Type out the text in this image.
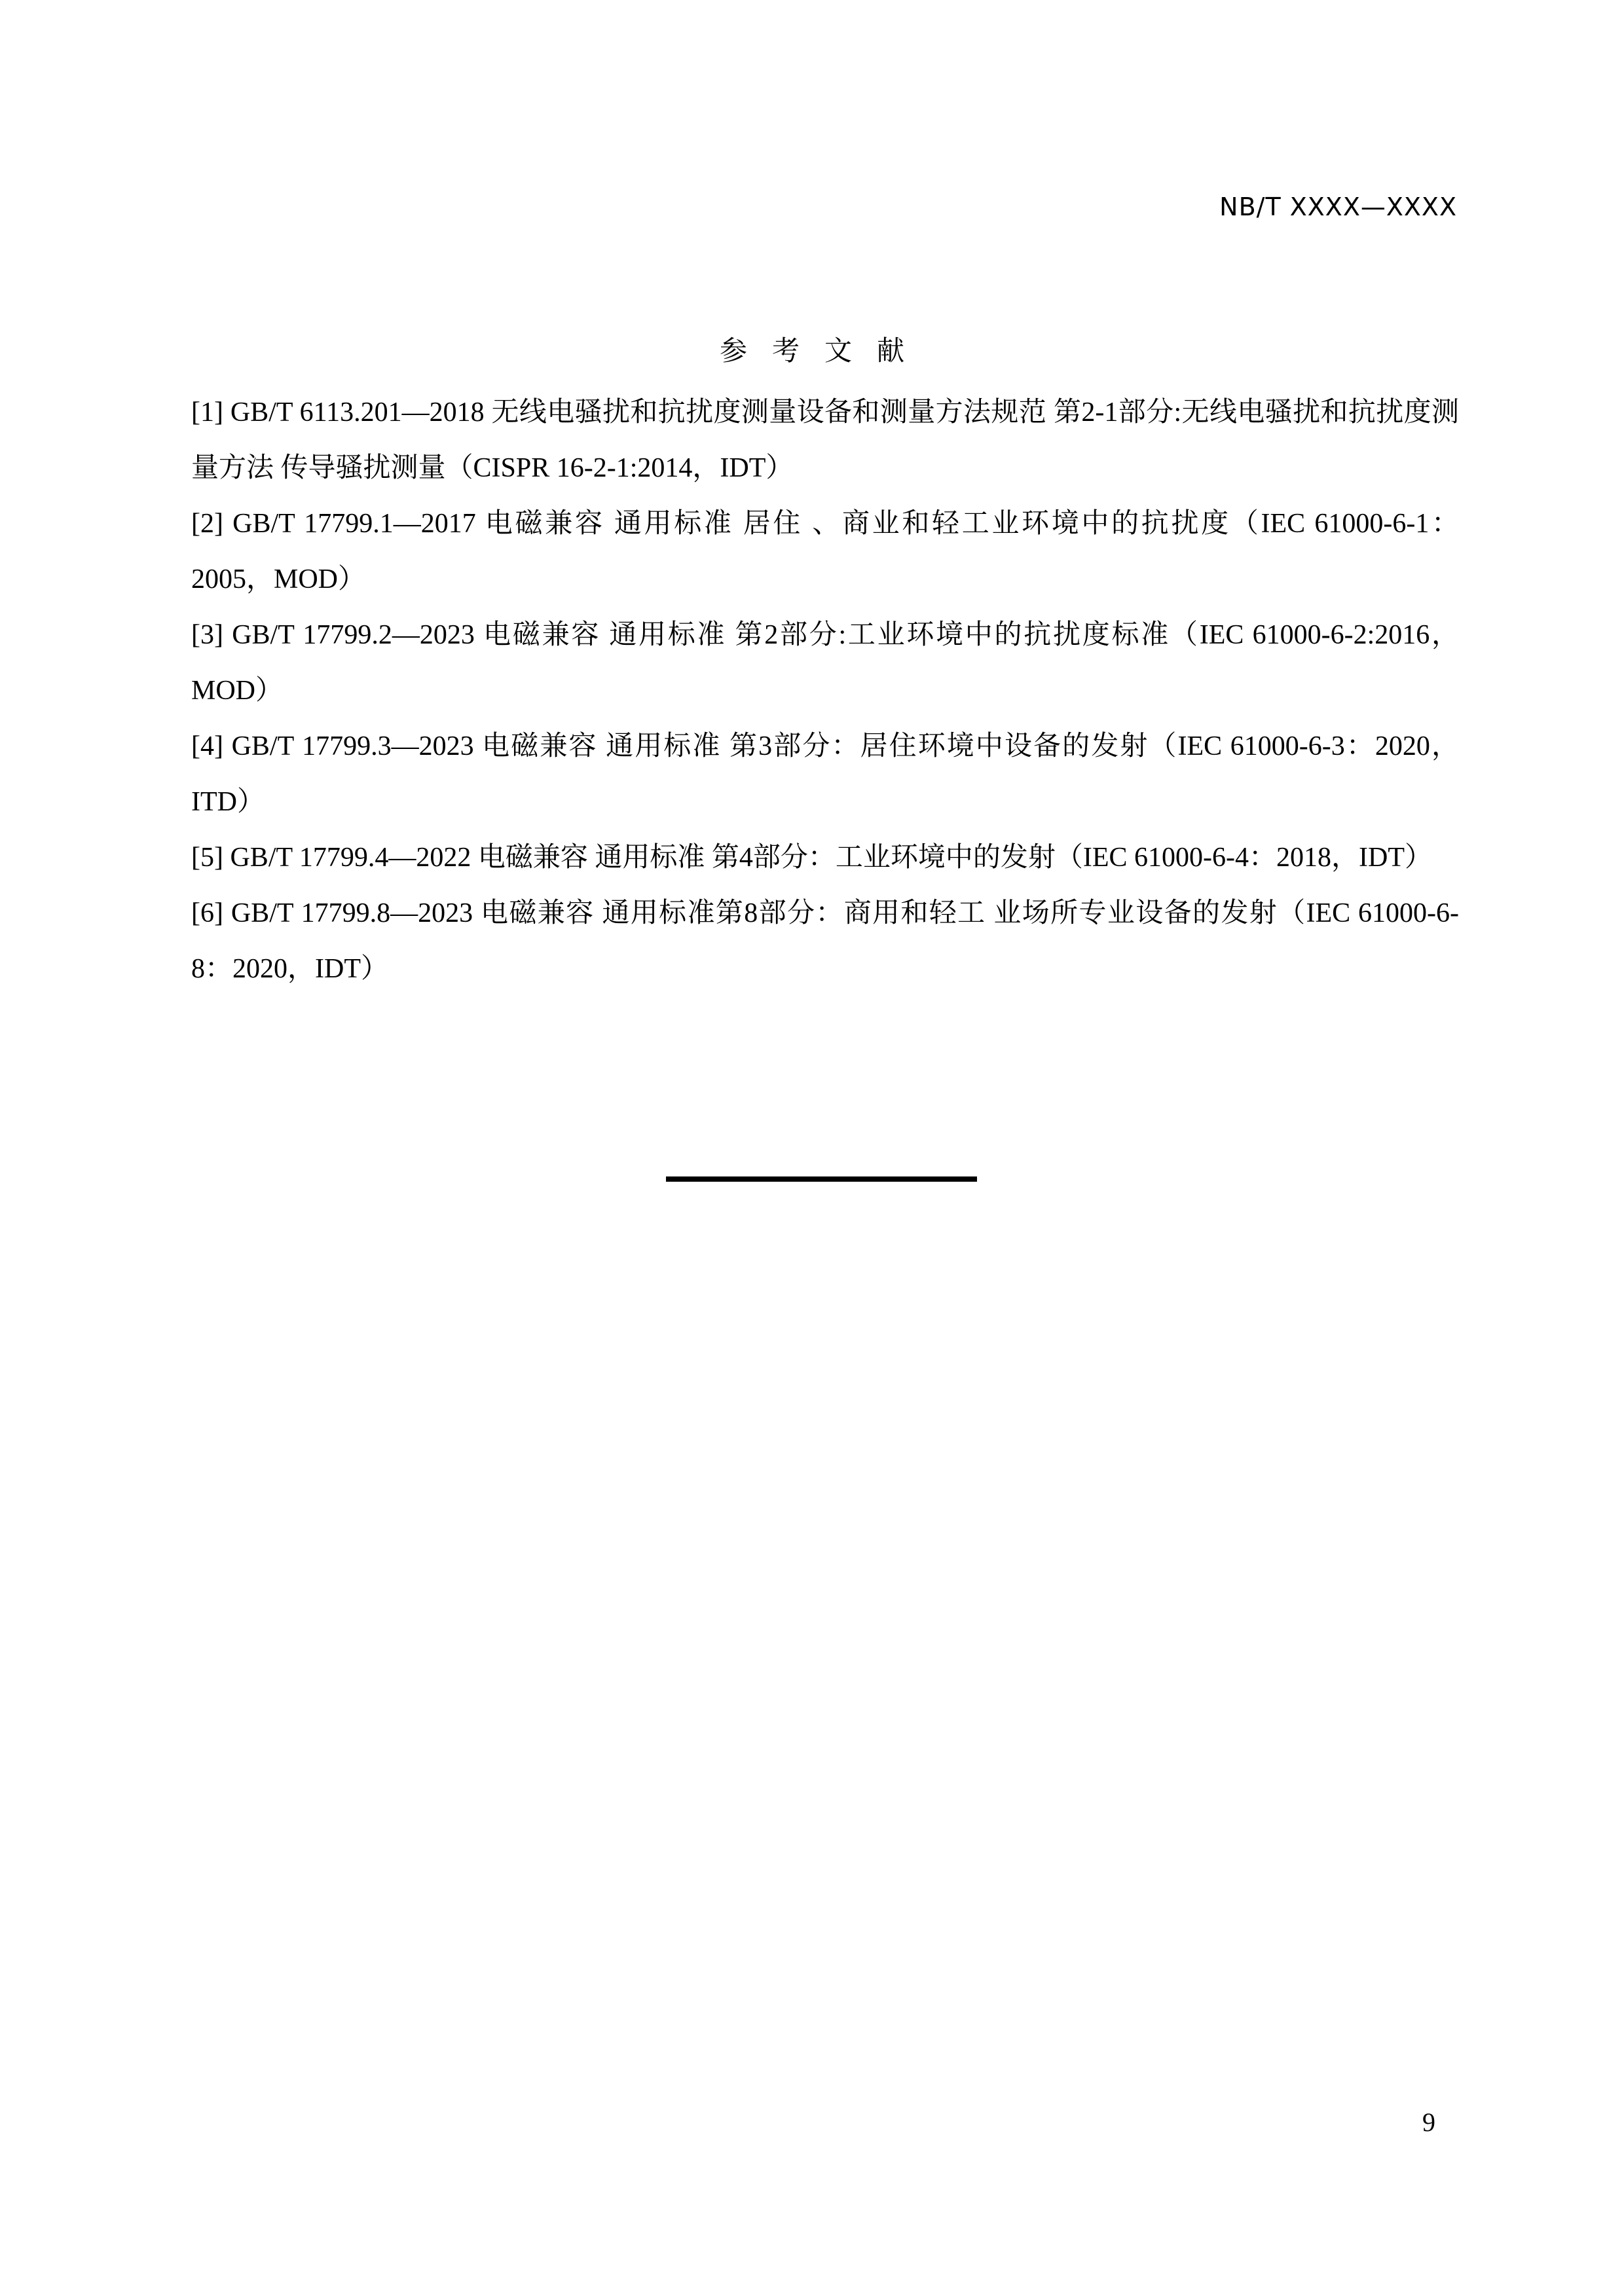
NB/T XXXX—XXXX
参考文献
[1] GB/T 6113.201—2018 无线电骚扰和抗扰度测量设备和测量方法规范 第2-1部分:无线电骚扰和抗扰度测量方法 传导骚扰测量（CISPR 16-2-1:2014，IDT）
[2] GB/T 17799.1—2017 电磁兼容 通用标准 居住 、商业和轻工业环境中的抗扰度（IEC 61000-6-1：2005，MOD）
[3] GB/T 17799.2—2023 电磁兼容 通用标准 第2部分:工业环境中的抗扰度标准（IEC 61000-6-2:2016，MOD）
[4] GB/T 17799.3—2023 电磁兼容 通用标准 第3部分：居住环境中设备的发射（IEC 61000-6-3：2020，ITD）
[5] GB/T 17799.4—2022 电磁兼容 通用标准 第4部分：工业环境中的发射（IEC 61000-6-4：2018，IDT）
[6] GB/T 17799.8—2023 电磁兼容 通用标准第8部分：商用和轻工 业场所专业设备的发射（IEC 61000-6-8：2020，IDT）
9
